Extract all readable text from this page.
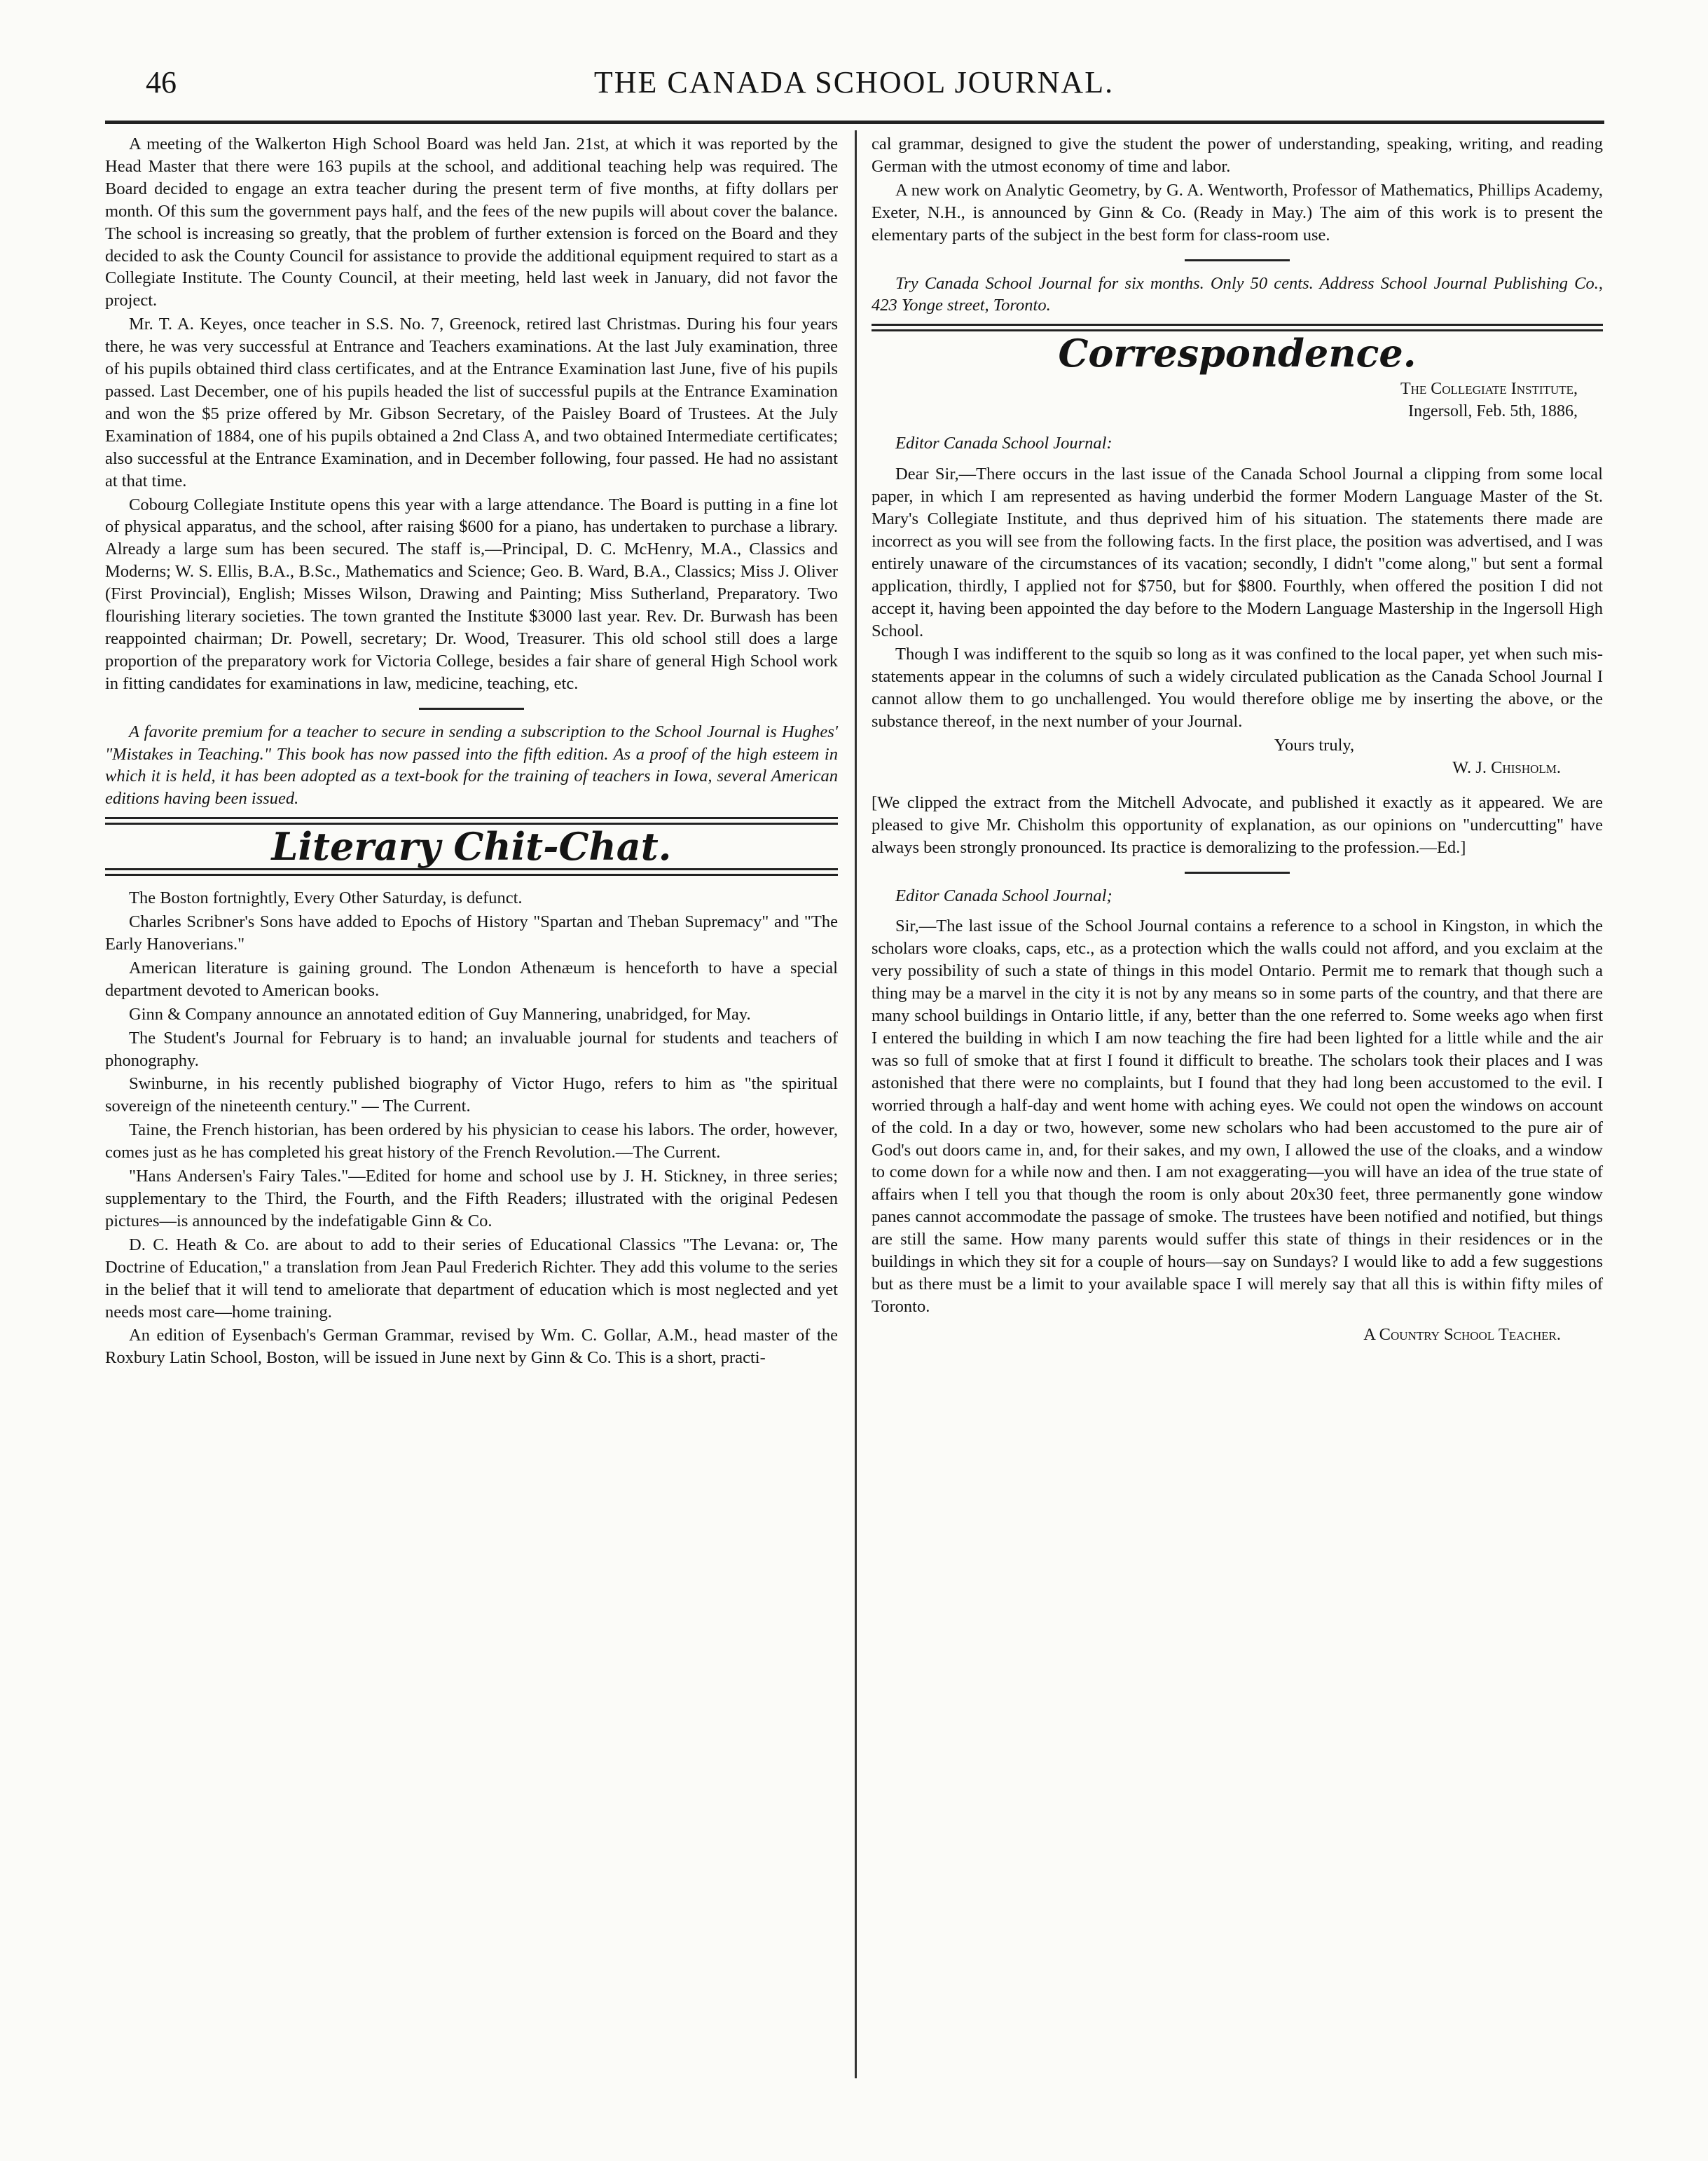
46	THE CANADA SCHOOL JOURNAL.

A meeting of the Walkerton High School Board was held Jan. 21st, at which it was reported by the Head Master that there were 163 pupils at the school, and additional teaching help was required. The Board decided to engage an extra teacher during the present term of five months, at fifty dollars per month. Of this sum the government pays half, and the fees of the new pupils will about cover the balance. The school is increasing so greatly, that the problem of further extension is forced on the Board and they decided to ask the County Council for assistance to provide the additional equipment required to start as a Collegiate Institute. The County Council, at their meeting, held last week in January, did not favor the project.

Mr. T. A. Keyes, once teacher in S.S. No. 7, Greenock, retired last Christmas. During his four years there, he was very successful at Entrance and Teachers examinations. At the last July examination, three of his pupils obtained third class certificates, and at the Entrance Examination last June, five of his pupils passed. Last December, one of his pupils headed the list of successful pupils at the Entrance Examination and won the $5 prize offered by Mr. Gibson Secretary, of the Paisley Board of Trustees. At the July Examination of 1884, one of his pupils obtained a 2nd Class A, and two obtained Intermediate certificates; also successful at the Entrance Examination, and in December following, four passed. He had no assistant at that time.

Cobourg Collegiate Institute opens this year with a large attendance. The Board is putting in a fine lot of physical apparatus, and the school, after raising $600 for a piano, has undertaken to purchase a library. Already a large sum has been secured. The staff is,—Principal, D. C. McHenry, M.A., Classics and Moderns; W. S. Ellis, B.A., B.Sc., Mathematics and Science; Geo. B. Ward, B.A., Classics; Miss J. Oliver (First Provincial), English; Misses Wilson, Drawing and Painting; Miss Sutherland, Preparatory. Two flourishing literary societies. The town granted the Institute $3000 last year. Rev. Dr. Burwash has been reappointed chairman; Dr. Powell, secretary; Dr. Wood, Treasurer. This old school still does a large proportion of the preparatory work for Victoria College, besides a fair share of general High School work in fitting candidates for examinations in law, medicine, teaching, etc.

A favorite premium for a teacher to secure in sending a subscription to the School Journal is Hughes' "Mistakes in Teaching." This book has now passed into the fifth edition. As a proof of the high esteem in which it is held, it has been adopted as a text-book for the training of teachers in Iowa, several American editions having been issued.
Literary Chit-Chat.

The Boston fortnightly, Every Other Saturday, is defunct.

Charles Scribner's Sons have added to Epochs of History "Spartan and Theban Supremacy" and "The Early Hanoverians."

American literature is gaining ground. The London Athenæum is henceforth to have a special department devoted to American books.

Ginn & Company announce an annotated edition of Guy Mannering, unabridged, for May.

The Student's Journal for February is to hand; an invaluable journal for students and teachers of phonography.

Swinburne, in his recently published biography of Victor Hugo, refers to him as "the spiritual sovereign of the nineteenth century." — The Current.

Taine, the French historian, has been ordered by his physician to cease his labors. The order, however, comes just as he has completed his great history of the French Revolution.—The Current.

"Hans Andersen's Fairy Tales."—Edited for home and school use by J. H. Stickney, in three series; supplementary to the Third, the Fourth, and the Fifth Readers; illustrated with the original Pedesen pictures—is announced by the indefatigable Ginn & Co.

D. C. Heath & Co. are about to add to their series of Educational Classics "The Levana: or, The Doctrine of Education," a translation from Jean Paul Frederich Richter. They add this volume to the series in the belief that it will tend to ameliorate that department of education which is most neglected and yet needs most care—home training.

An edition of Eysenbach's German Grammar, revised by Wm. C. Gollar, A.M., head master of the Roxbury Latin School, Boston, will be issued in June next by Ginn & Co. This is a short, practi-

cal grammar, designed to give the student the power of understanding, speaking, writing, and reading German with the utmost economy of time and labor.

A new work on Analytic Geometry, by G. A. Wentworth, Professor of Mathematics, Phillips Academy, Exeter, N.H., is announced by Ginn & Co. (Ready in May.) The aim of this work is to present the elementary parts of the subject in the best form for class-room use.

Try Canada School Journal for six months. Only 50 cents. Address School Journal Publishing Co., 423 Yonge street, Toronto.
Correspondence.
The Collegiate Institute,
Ingersoll, Feb. 5th, 1886,
Editor Canada School Journal:

Dear Sir,—There occurs in the last issue of the Canada School Journal a clipping from some local paper, in which I am represented as having underbid the former Modern Language Master of the St. Mary's Collegiate Institute, and thus deprived him of his situation. The statements there made are incorrect as you will see from the following facts. In the first place, the position was advertised, and I was entirely unaware of the circumstances of its vacation; secondly, I didn't "come along," but sent a formal application, thirdly, I applied not for $750, but for $800. Fourthly, when offered the position I did not accept it, having been appointed the day before to the Modern Language Mastership in the Ingersoll High School.

Though I was indifferent to the squib so long as it was confined to the local paper, yet when such mis-statements appear in the columns of such a widely circulated publication as the Canada School Journal I cannot allow them to go unchallenged. You would therefore oblige me by inserting the above, or the substance thereof, in the next number of your Journal.

Yours truly,
W. J. Chisholm.

[We clipped the extract from the Mitchell Advocate, and published it exactly as it appeared. We are pleased to give Mr. Chisholm this opportunity of explanation, as our opinions on "undercutting" have always been strongly pronounced. Its practice is demoralizing to the profession.—Ed.]

Editor Canada School Journal;

Sir,—The last issue of the School Journal contains a reference to a school in Kingston, in which the scholars wore cloaks, caps, etc., as a protection which the walls could not afford, and you exclaim at the very possibility of such a state of things in this model Ontario. Permit me to remark that though such a thing may be a marvel in the city it is not by any means so in some parts of the country, and that there are many school buildings in Ontario little, if any, better than the one referred to. Some weeks ago when first I entered the building in which I am now teaching the fire had been lighted for a little while and the air was so full of smoke that at first I found it difficult to breathe. The scholars took their places and I was astonished that there were no complaints, but I found that they had long been accustomed to the evil. I worried through a half-day and went home with aching eyes. We could not open the windows on account of the cold. In a day or two, however, some new scholars who had been accustomed to the pure air of God's out doors came in, and, for their sakes, and my own, I allowed the use of the cloaks, and a window to come down for a while now and then. I am not exaggerating—you will have an idea of the true state of affairs when I tell you that though the room is only about 20x30 feet, three permanently gone window panes cannot accommodate the passage of smoke. The trustees have been notified and notified, but things are still the same. How many parents would suffer this state of things in their residences or in the buildings in which they sit for a couple of hours—say on Sundays? I would like to add a few suggestions but as there must be a limit to your available space I will merely say that all this is within fifty miles of Toronto.

A Country School Teacher.
